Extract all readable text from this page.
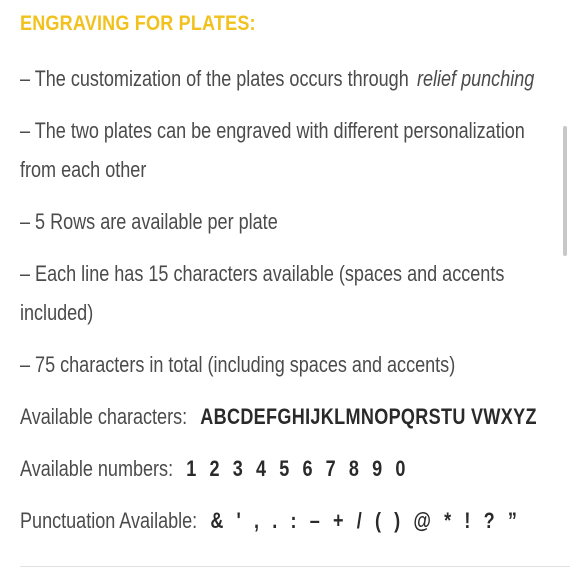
ENGRAVING FOR PLATES:
– The customization of the plates occurs through relief punching
– The two plates can be engraved with different personalization
from each other
– 5 Rows are available per plate
– Each line has 15 characters available (spaces and accents
included)
– 75 characters in total (including spaces and accents)
Available characters: ABCDEFGHIJKLMNOPQRSTU VWXYZ
Available numbers: 1 2 3 4 5 6 7 8 9 0
Punctuation Available: & ' , . : – + / ( ) @ * ! ? ”
